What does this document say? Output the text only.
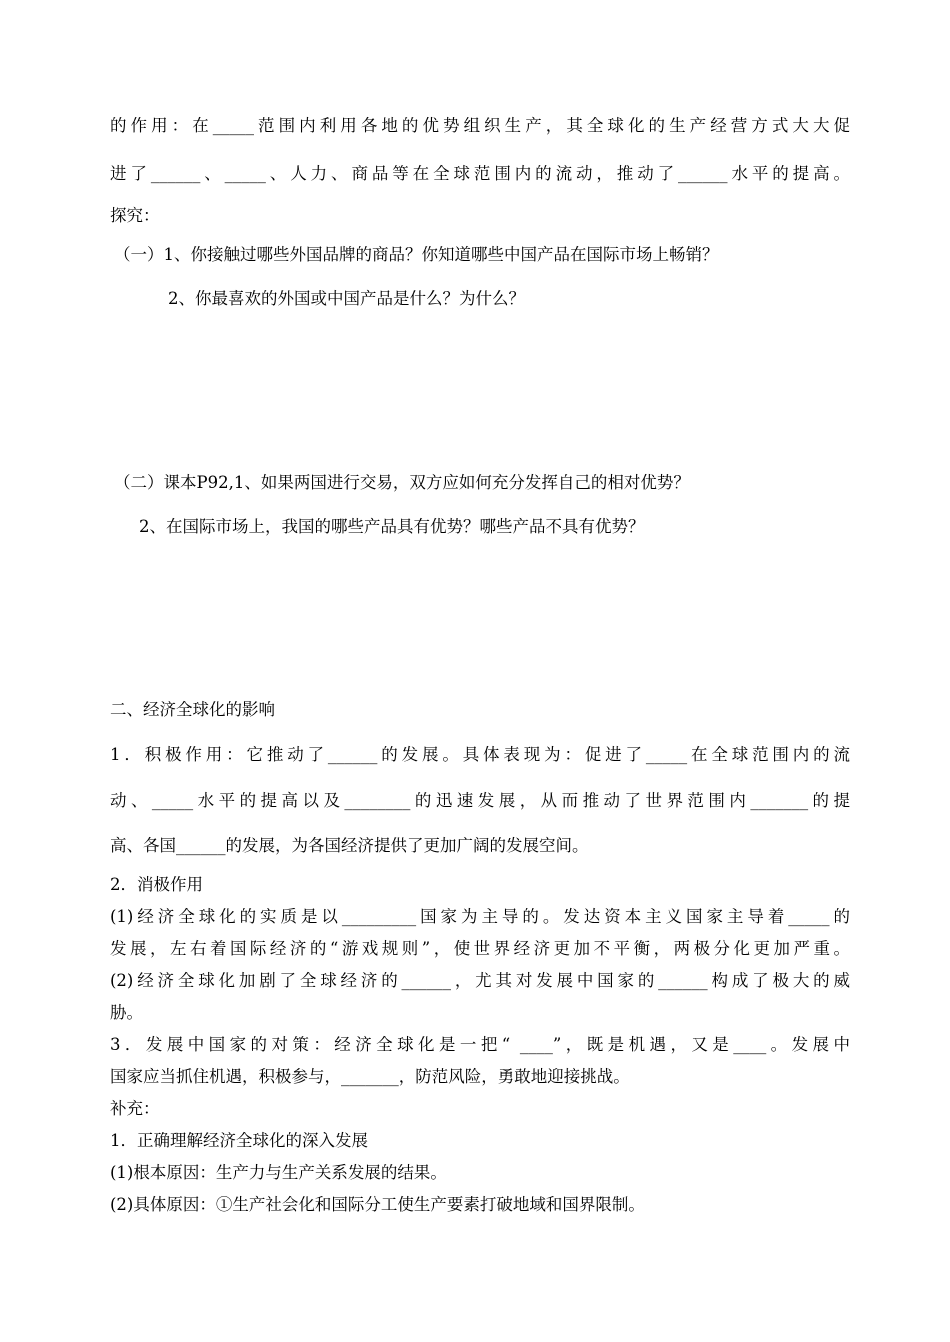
的作用：在_____范围内利用各地的优势组织生产，其全球化的生产经营方式大大促
进了______、_____、人力、商品等在全球范围内的流动，推动了______水平的提高。
探究：
（一）1、你接触过哪些外国品牌的商品？你知道哪些中国产品在国际市场上畅销？
2、你最喜欢的外国或中国产品是什么？为什么？
（二）课本P92,1、如果两国进行交易，双方应如何充分发挥自己的相对优势？
2、在国际市场上，我国的哪些产品具有优势？哪些产品不具有优势？
二、经济全球化的影响
1．积极作用：它推动了______的发展。具体表现为：促进了_____在全球范围内的流
动、_____水平的提高以及________的迅速发展，从而推动了世界范围内_______的提
高、各国______的发展，为各国经济提供了更加广阔的发展空间。
2．消极作用
(1)经济全球化的实质是以_________国家为主导的。发达资本主义国家主导着_____的
发展，左右着国际经济的“游戏规则”，使世界经济更加不平衡，两极分化更加严重。
(2)经济全球化加剧了全球经济的______，尤其对发展中国家的______构成了极大的威
胁。
3．发展中国家的对策：经济全球化是一把“ ____”，既是机遇，又是____。发展中
国家应当抓住机遇，积极参与，_______，防范风险，勇敢地迎接挑战。
补充：
1．正确理解经济全球化的深入发展
(1)根本原因：生产力与生产关系发展的结果。
(2)具体原因：①生产社会化和国际分工使生产要素打破地域和国界限制。
